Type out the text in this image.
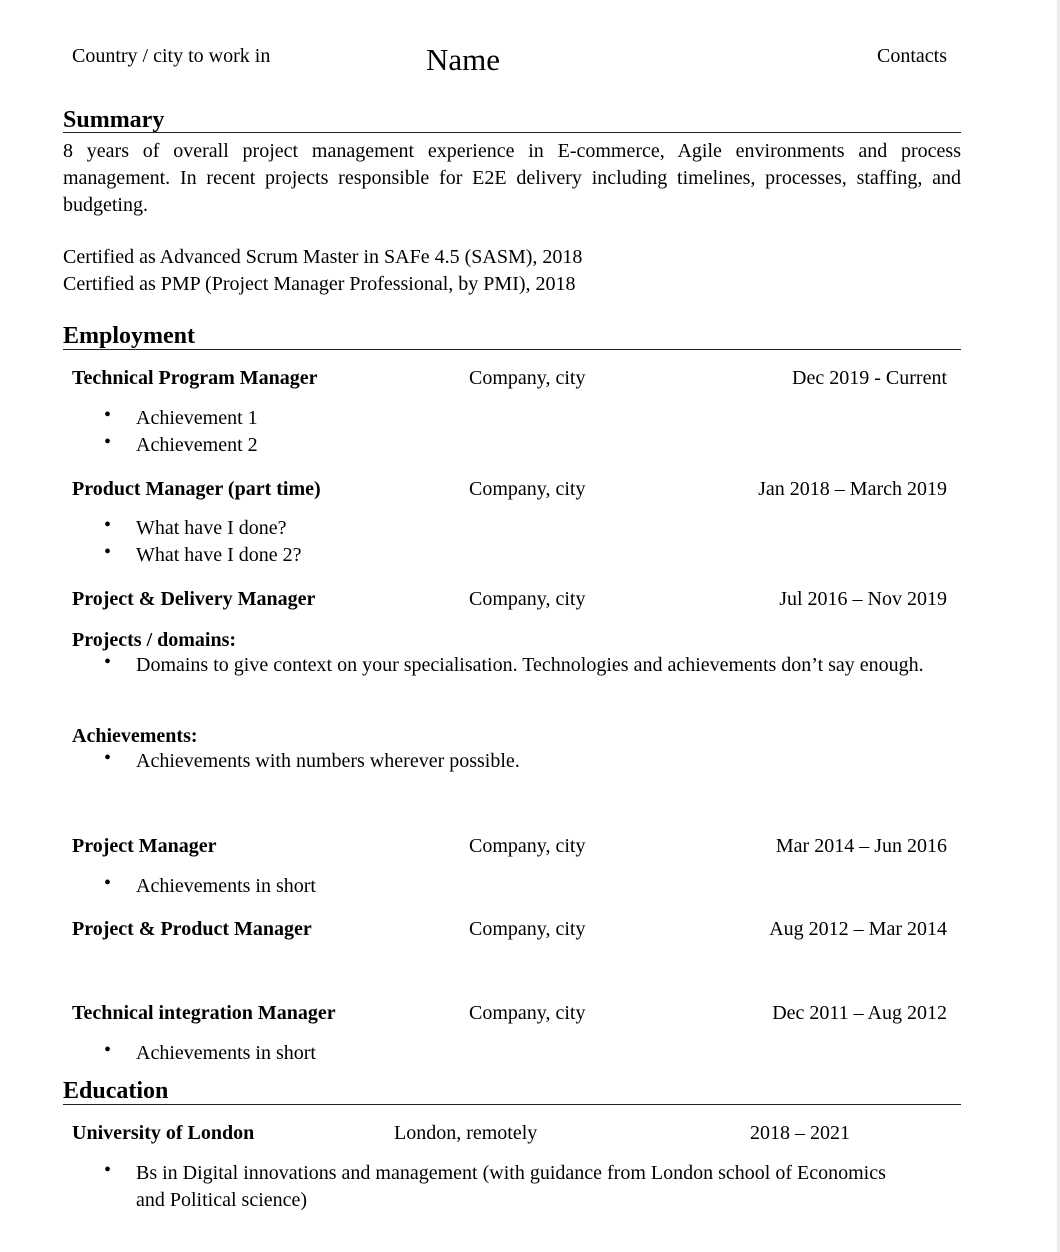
Country / city to work in	Name	Contacts
Summary

8 years of overall project management experience in E-commerce, Agile environments and process management. In recent projects responsible for E2E delivery including timelines, processes, staffing, and budgeting.

Certified as Advanced Scrum Master in SAFe 4.5 (SASM), 2018
Certified as PMP (Project Manager Professional, by PMI), 2018
Employment
Technical Program Manager	Company, city	Dec 2019 - Current
• Achievement 1
• Achievement 2
Product Manager (part time)	Company, city	Jan 2018 – March 2019
• What have I done?
• What have I done 2?
Project & Delivery Manager	Company, city	Jul 2016 – Nov 2019
Projects / domains:
• Domains to give context on your specialisation. Technologies and achievements don’t say enough.
Achievements:
• Achievements with numbers wherever possible.
Project Manager	Company, city	Mar 2014 – Jun 2016
• Achievements in short
Project & Product Manager	Company, city	Aug 2012 – Mar 2014
Technical integration Manager	Company, city	Dec 2011 – Aug 2012
• Achievements in short
Education
University of London	London, remotely	2018 – 2021
• Bs in Digital innovations and management (with guidance from London school of Economics and Political science)
